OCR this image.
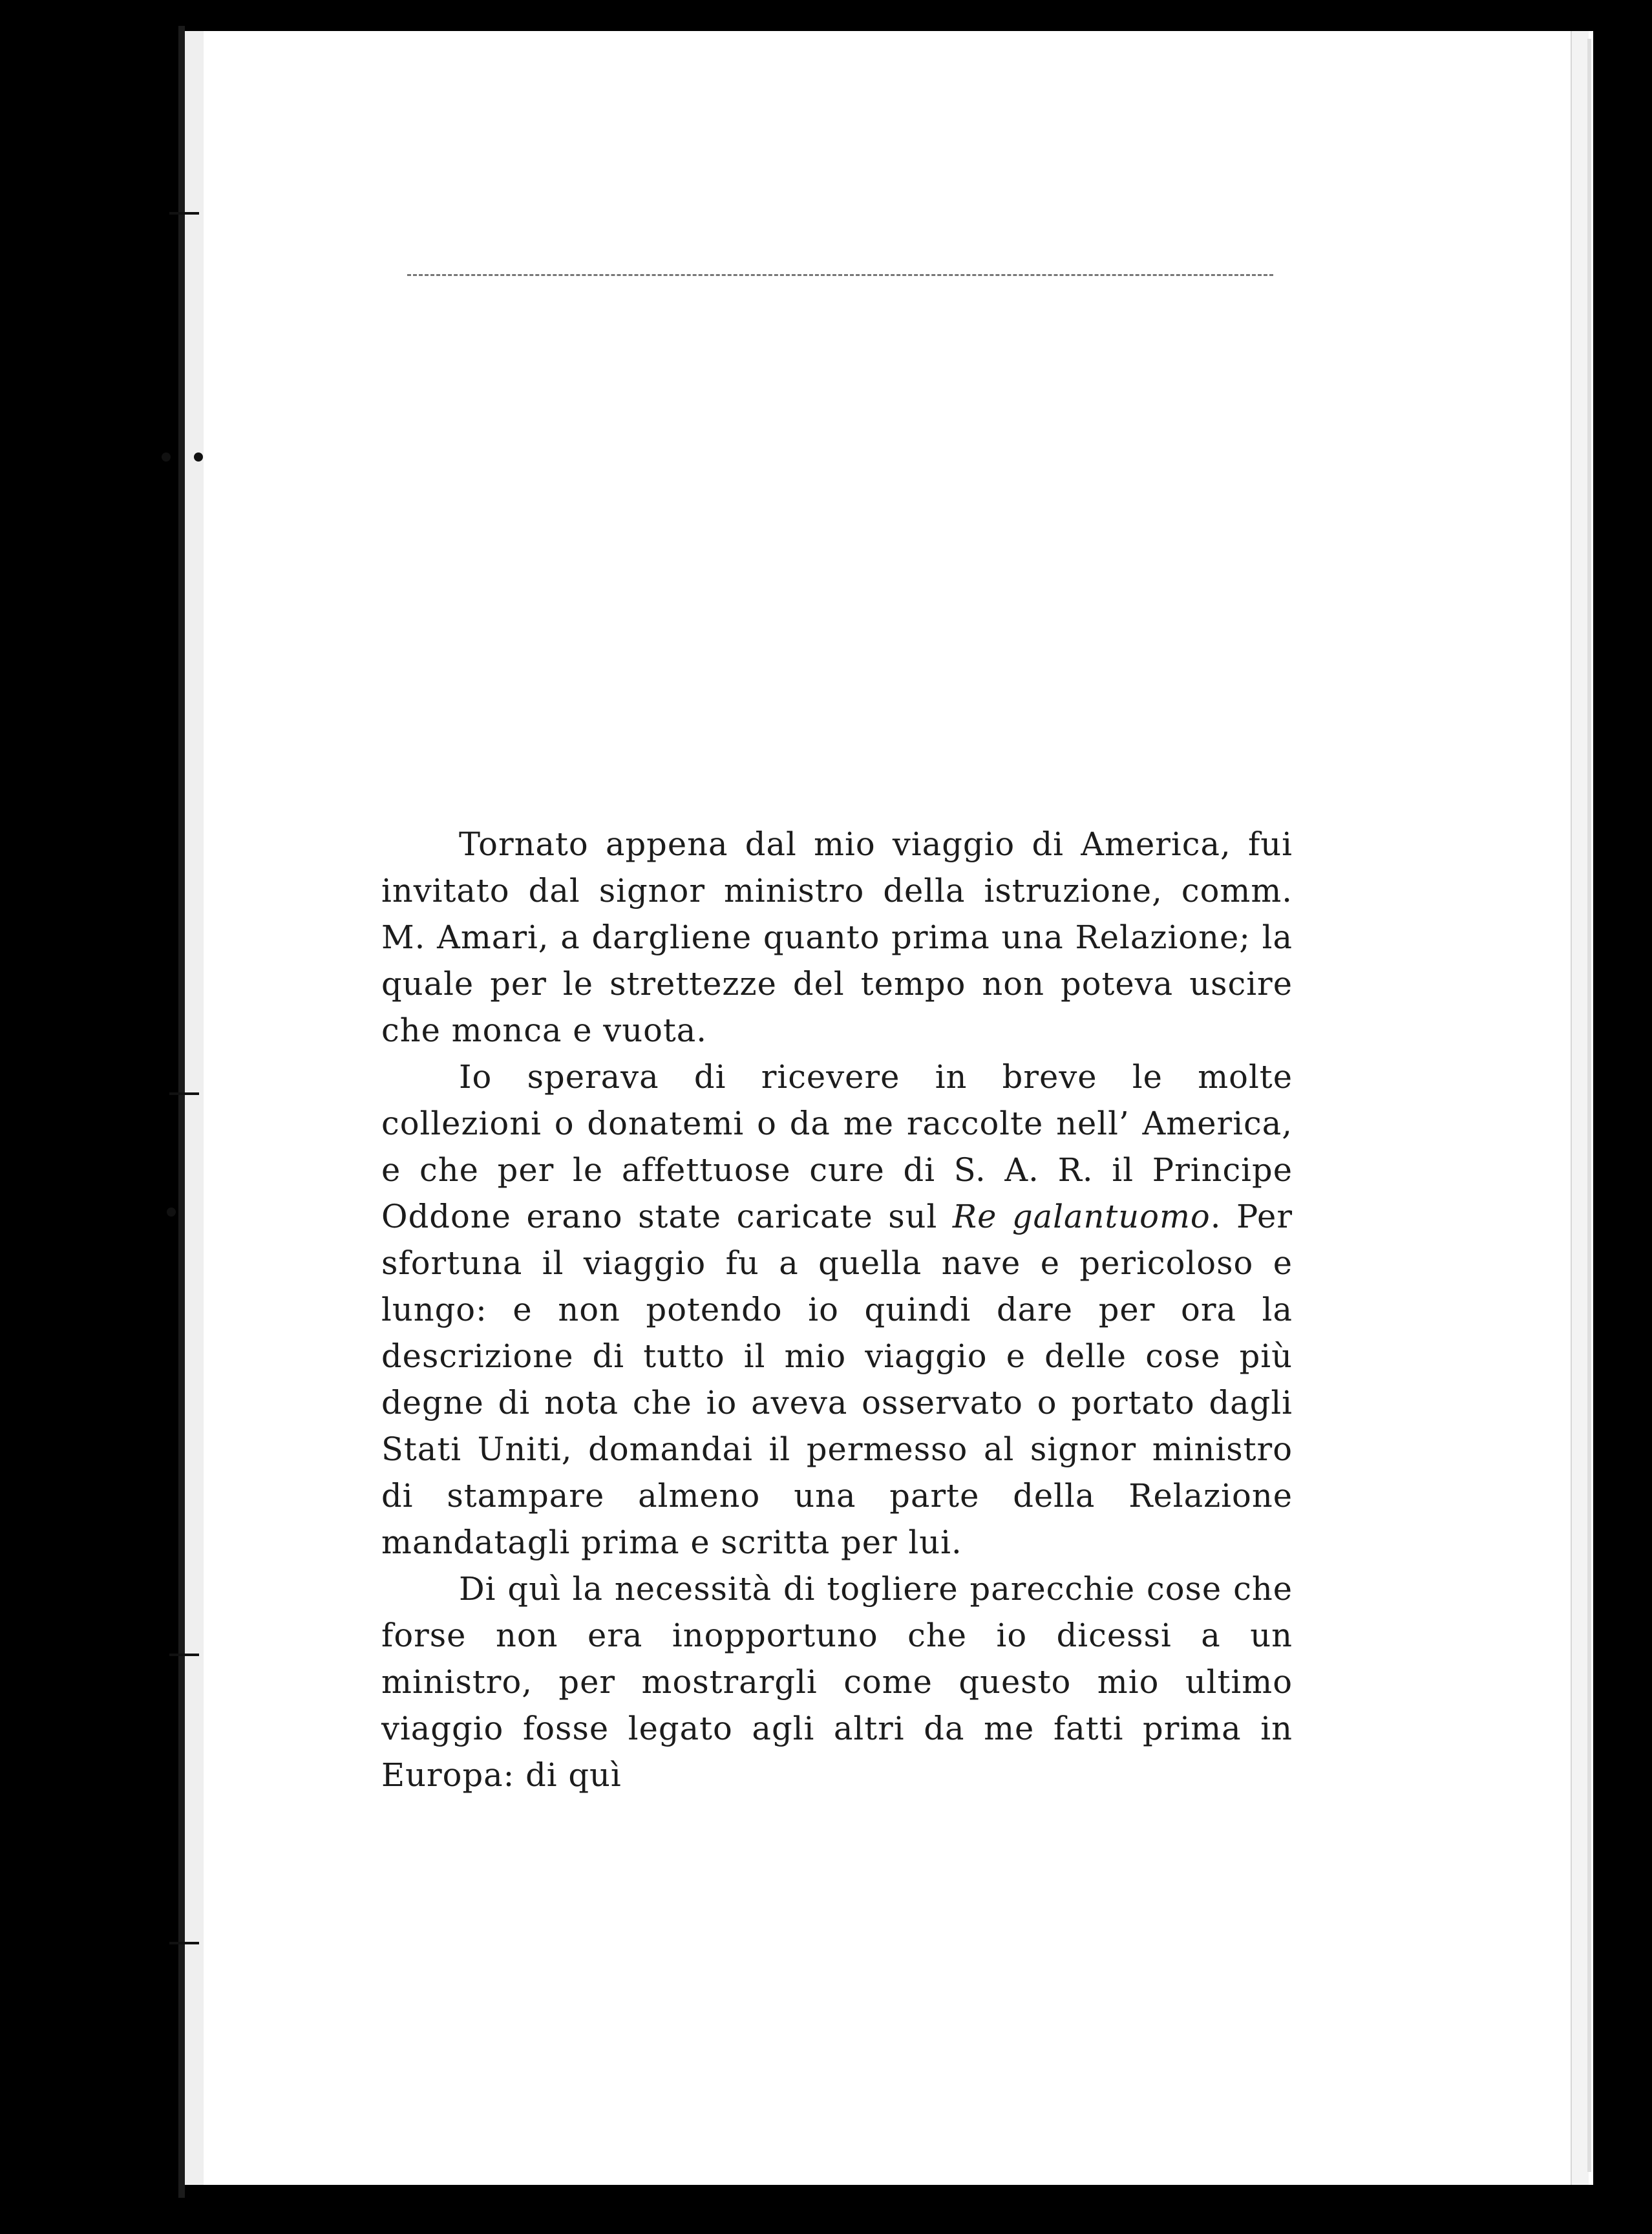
Tornato appena dal mio viaggio di America, fui invitato dal signor ministro della istruzione, comm. M. Amari, a dargliene quanto prima una Relazione; la quale per le strettezze del tempo non poteva uscire che monca e vuota.

Io sperava di ricevere in breve le molte collezioni o donatemi o da me raccolte nell’ America, e che per le affettuose cure di S. A. R. il Principe Oddone erano state caricate sul Re galantuomo. Per sfortuna il viaggio fu a quella nave e pericoloso e lungo: e non potendo io quindi dare per ora la descrizione di tutto il mio viaggio e delle cose più degne di nota che io aveva osservato o portato dagli Stati Uniti, domandai il permesso al signor ministro di stampare almeno una parte della Relazione mandatagli prima e scritta per lui.

Di quì la necessità di togliere parecchie cose che forse non era inopportuno che io dicessi a un ministro, per mostrargli come questo mio ultimo viaggio fosse legato agli altri da me fatti prima in Europa: di quì
